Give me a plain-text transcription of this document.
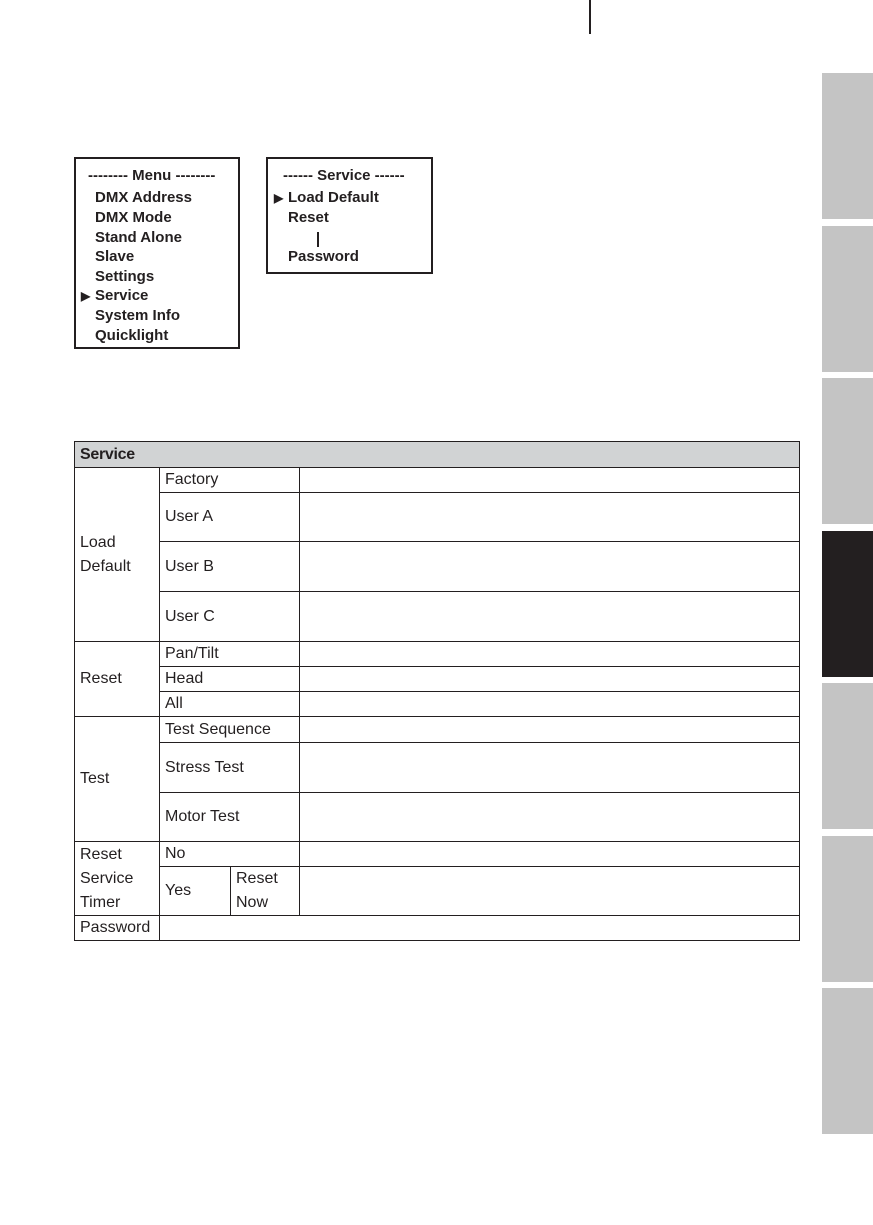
-------- Menu --------
DMX Address
DMX Mode
Stand Alone
Slave
Settings
▶ Service
System Info
Quicklight
------ Service ------
▶ Load Default
Reset
Password
Service			
Load Default	Factory		
	User A		
	User B		
	User C		
Reset	Pan/Tilt		
	Head		
	All		
Test	Test Sequence		
	Stress Test		
	Motor Test		

Reset Service Timer	No		
	Yes	Reset Now	

Password			
